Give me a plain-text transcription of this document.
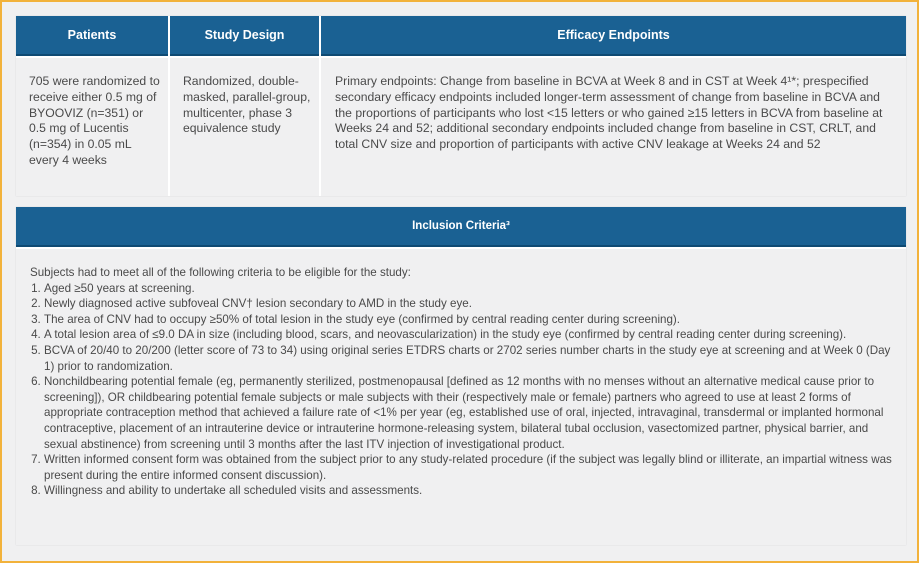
Patients	Study Design	Efficacy Endpoints
705 were randomized to receive either 0.5 mg of BYOOVIZ (n=351) or 0.5 mg of Lucentis (n=354) in 0.05 mL every 4 weeks
Randomized, double-masked, parallel-group, multicenter, phase 3 equivalence study
Primary endpoints: Change from baseline in BCVA at Week 8 and in CST at Week 4¹*; prespecified secondary efficacy endpoints included longer-term assessment of change from baseline in BCVA and the proportions of participants who lost <15 letters or who gained ≥15 letters in BCVA from baseline at Weeks 24 and 52; additional secondary endpoints included change from baseline in CST, CRLT, and total CNV size and proportion of participants with active CNV leakage at Weeks 24 and 52
Inclusion Criteria³

Subjects had to meet all of the following criteria to be eligible for the study:

1. Aged ≥50 years at screening.
2. Newly diagnosed active subfoveal CNV† lesion secondary to AMD in the study eye.
3. The area of CNV had to occupy ≥50% of total lesion in the study eye (confirmed by central reading center during screening).
4. A total lesion area of ≤9.0 DA in size (including blood, scars, and neovascularization) in the study eye (confirmed by central reading center during screening).
5. BCVA of 20/40 to 20/200 (letter score of 73 to 34) using original series ETDRS charts or 2702 series number charts in the study eye at screening and at Week 0 (Day 1) prior to randomization.
6. Nonchildbearing potential female (eg, permanently sterilized, postmenopausal [defined as 12 months with no menses without an alternative medical cause prior to screening]), OR childbearing potential female subjects or male subjects with their (respectively male or female) partners who agreed to use at least 2 forms of appropriate contraception method that achieved a failure rate of <1% per year (eg, established use of oral, injected, intravaginal, transdermal or implanted hormonal contraceptive, placement of an intrauterine device or intrauterine hormone-releasing system, bilateral tubal occlusion, vasectomized partner, physical barrier, and sexual abstinence) from screening until 3 months after the last ITV injection of investigational product.
7. Written informed consent form was obtained from the subject prior to any study-related procedure (if the subject was legally blind or illiterate, an impartial witness was present during the entire informed consent discussion).
8. Willingness and ability to undertake all scheduled visits and assessments.
